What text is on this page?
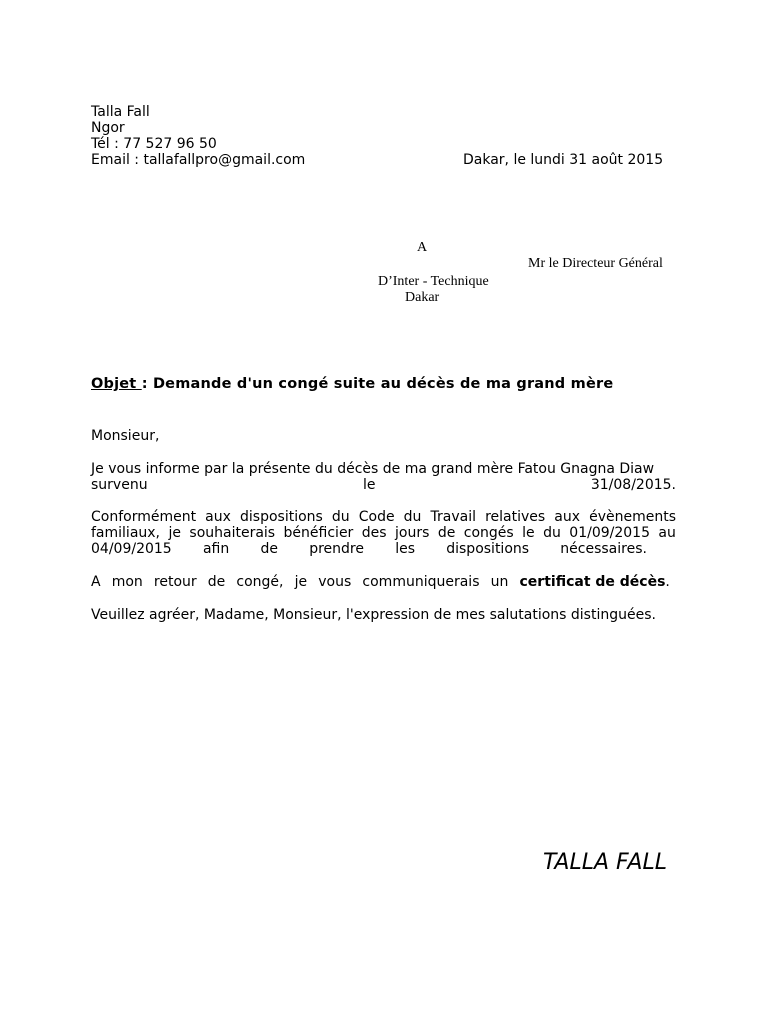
Talla Fall
Ngor
Tél : 77 527 96 50
Email : tallafallpro@gmail.com	Dakar, le lundi 31 août 2015
A
Mr le Directeur Général
D’Inter - Technique
Dakar
Objet : Demande d'un congé suite au décès de ma grand mère
Monsieur,
Je vous informe par la présente du décès de ma grand mère Fatou Gnagna Diaw
survenu	le	31/08/2015.
Conformément aux dispositions du Code du Travail relatives aux évènements
familiaux, je souhaiterais bénéficier des jours de congés le du 01/09/2015 au
04/09/2015 afin de prendre les dispositions nécessaires.
A mon retour de congé, je vous communiquerais un certificat de décès.
Veuillez agréer, Madame, Monsieur, l'expression de mes salutations distinguées.
TALLA FALL
